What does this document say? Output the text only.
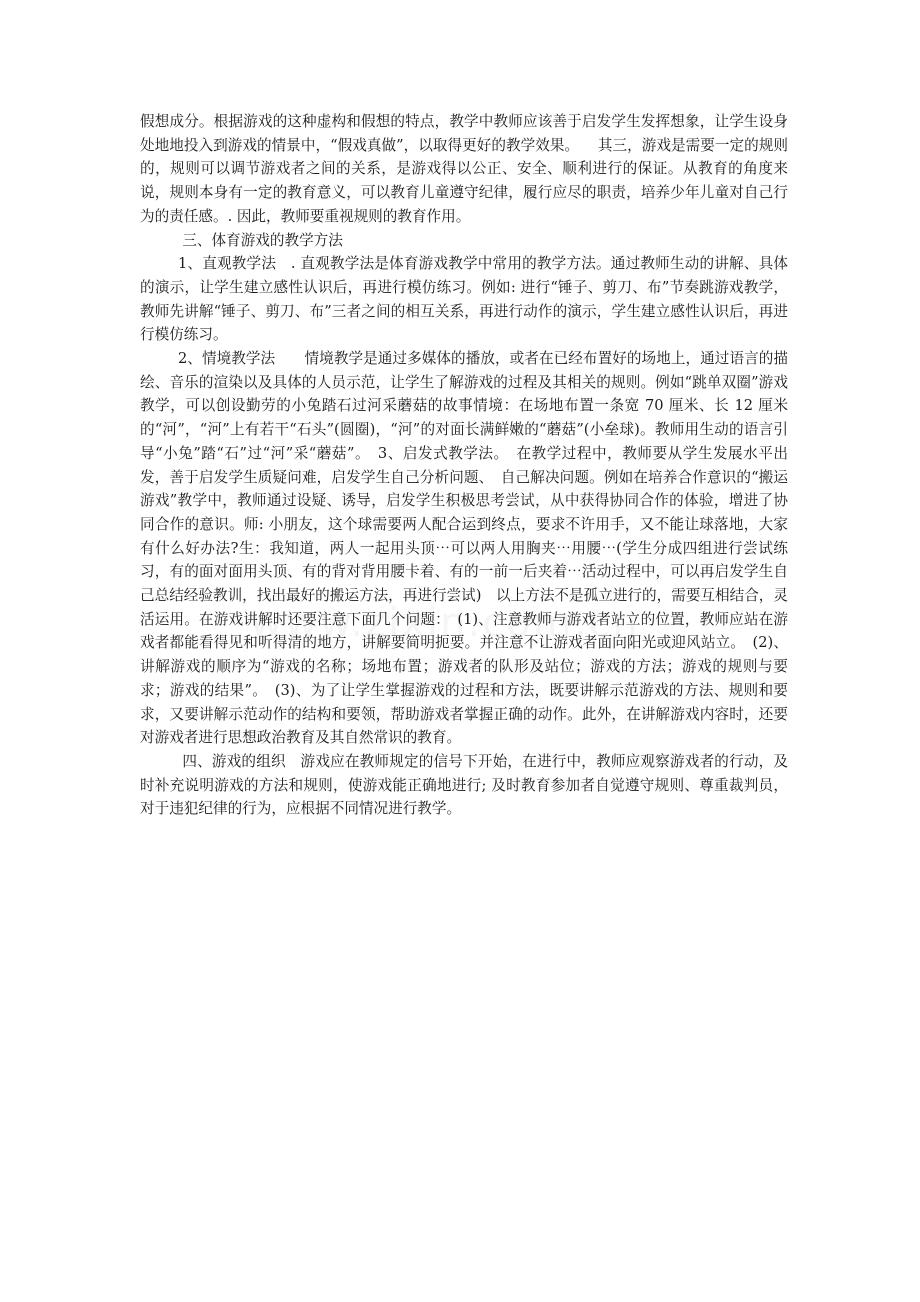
假想成分。根据游戏的这种虚构和假想的特点，教学中教师应该善于启发学生发挥想象，让学生设身处地地投入到游戏的情景中，“假戏真做”，以取得更好的教学效果。    其三，游戏是需要一定的规则的，规则可以调节游戏者之间的关系，是游戏得以公正、安全、顺利进行的保证。从教育的角度来说，规则本身有一定的教育意义，可以教育儿童遵守纪律，履行应尽的职责，培养少年儿童对自己行为的责任感。. 因此，教师要重视规则的教育作用。

三、体育游戏的教学方法

1、直观教学法　. 直观教学法是体育游戏教学中常用的教学方法。通过教师生动的讲解、具体的演示，让学生建立感性认识后，再进行模仿练习。例如: 进行“锤子、剪刀、布”节奏跳游戏教学，教师先讲解“锤子、剪刀、布”三者之间的相互关系，再进行动作的演示，学生建立感性认识后，再进行模仿练习。

2、情境教学法　　情境教学是通过多媒体的播放，或者在已经布置好的场地上，通过语言的描绘、音乐的渲染以及具体的人员示范，让学生了解游戏的过程及其相关的规则。例如“跳单双圈”游戏教学，可以创设勤劳的小兔踏石过河采蘑菇的故事情境：在场地布置一条宽 70 厘米、长 12 厘米的“河”，“河”上有若干“石头”(圆圈)，“河”的对面长满鲜嫩的“蘑菇”(小垒球)。教师用生动的语言引导“小兔”踏“石”过“河”采“蘑菇”。　3、启发式教学法。　在教学过程中，教师要从学生发展水平出发，善于启发学生质疑问难，启发学生自己分析问题、　自己解决问题。例如在培养合作意识的“搬运游戏”教学中，教师通过设疑、诱导，启发学生积极思考尝试，从中获得协同合作的体验，增进了协同合作的意识。师: 小朋友，这个球需要两人配合运到终点，要求不许用手，又不能让球落地，大家有什么好办法?生：我知道，两人一起用头顶⋯可以两人用胸夹⋯用腰⋯(学生分成四组进行尝试练习，有的面对面用头顶、有的背对背用腰卡着、有的一前一后夹着⋯活动过程中，可以再启发学生自己总结经验教训，找出最好的搬运方法，再进行尝试)　以上方法不是孤立进行的，需要互相结合，灵活运用。在游戏讲解时还要注意下面几个问题：　(1)、注意教师与游戏者站立的位置，教师应站在游戏者都能看得见和听得清的地方，讲解要简明扼要。并注意不让游戏者面向阳光或迎风站立。　(2)、讲解游戏的顺序为“游戏的名称；场地布置；游戏者的队形及站位；游戏的方法；游戏的规则与要求；游戏的结果”。　(3)、为了让学生掌握游戏的过程和方法，既要讲解示范游戏的方法、规则和要求，又要讲解示范动作的结构和要领，帮助游戏者掌握正确的动作。此外，在讲解游戏内容时，还要对游戏者进行思想政治教育及其自然常识的教育。

四、游戏的组织　游戏应在教师规定的信号下开始，在进行中，教师应观察游戏者的行动，及时补充说明游戏的方法和规则，使游戏能正确地进行; 及时教育参加者自觉遵守规则、尊重裁判员，对于违犯纪律的行为，应根据不同情况进行教学。
